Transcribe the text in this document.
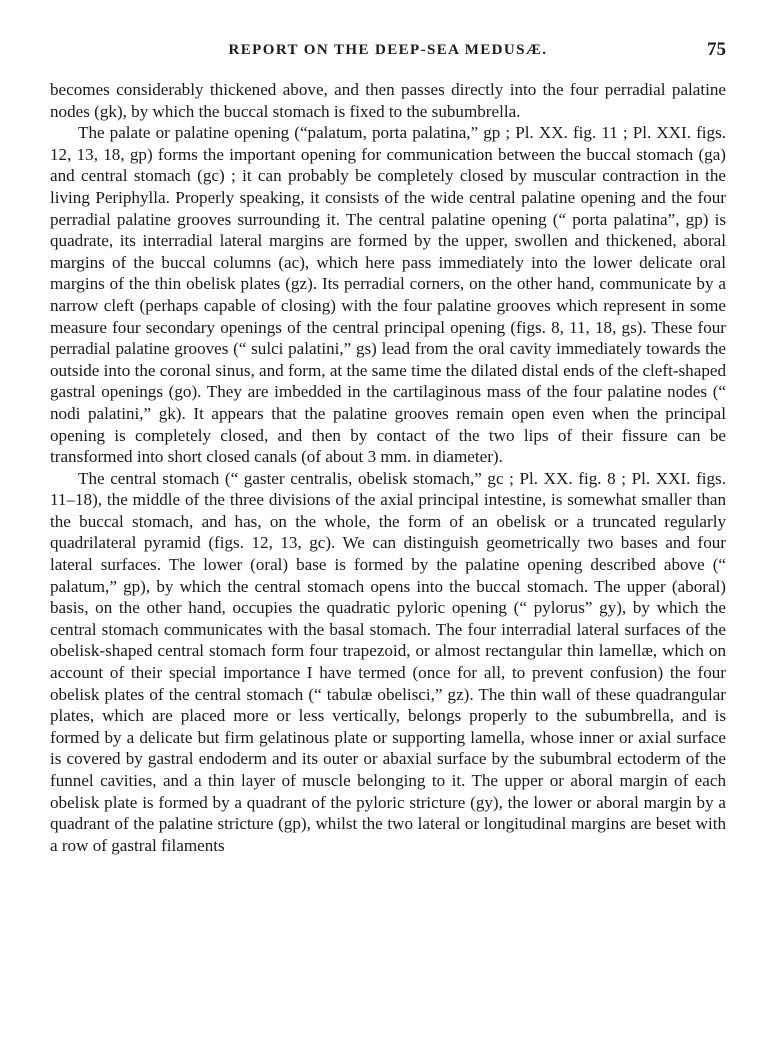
REPORT ON THE DEEP-SEA MEDUSÆ.	75

becomes considerably thickened above, and then passes directly into the four perradial palatine nodes (gk), by which the buccal stomach is fixed to the subumbrella.

The palate or palatine opening (“palatum, porta palatina,” gp ; Pl. XX. fig. 11 ; Pl. XXI. figs. 12, 13, 18, gp) forms the important opening for communication between the buccal stomach (ga) and central stomach (gc) ; it can probably be completely closed by muscular contraction in the living Periphylla. Properly speaking, it consists of the wide central palatine opening and the four perradial palatine grooves surrounding it. The central palatine opening (“ porta palatina”, gp) is quadrate, its interradial lateral margins are formed by the upper, swollen and thickened, aboral margins of the buccal columns (ac), which here pass immediately into the lower delicate oral margins of the thin obelisk plates (gz). Its perradial corners, on the other hand, communicate by a narrow cleft (perhaps capable of closing) with the four palatine grooves which represent in some measure four secondary openings of the central principal opening (figs. 8, 11, 18, gs). These four perradial palatine grooves (“ sulci palatini,” gs) lead from the oral cavity immediately towards the outside into the coronal sinus, and form, at the same time the dilated distal ends of the cleft-shaped gastral openings (go). They are imbedded in the cartilaginous mass of the four palatine nodes (“ nodi palatini,” gk). It appears that the palatine grooves remain open even when the principal opening is completely closed, and then by contact of the two lips of their fissure can be transformed into short closed canals (of about 3 mm. in diameter).

The central stomach (“ gaster centralis, obelisk stomach,” gc ; Pl. XX. fig. 8 ; Pl. XXI. figs. 11–18), the middle of the three divisions of the axial principal intestine, is somewhat smaller than the buccal stomach, and has, on the whole, the form of an obelisk or a truncated regularly quadrilateral pyramid (figs. 12, 13, gc). We can distinguish geometrically two bases and four lateral surfaces. The lower (oral) base is formed by the palatine opening described above (“ palatum,” gp), by which the central stomach opens into the buccal stomach. The upper (aboral) basis, on the other hand, occupies the quadratic pyloric opening (“ pylorus” gy), by which the central stomach communicates with the basal stomach. The four interradial lateral surfaces of the obelisk-shaped central stomach form four trapezoid, or almost rectangular thin lamellæ, which on account of their special importance I have termed (once for all, to prevent confusion) the four obelisk plates of the central stomach (“ tabulæ obelisci,” gz). The thin wall of these quadrangular plates, which are placed more or less vertically, belongs properly to the subumbrella, and is formed by a delicate but firm gelatinous plate or supporting lamella, whose inner or axial surface is covered by gastral endoderm and its outer or abaxial surface by the subumbral ectoderm of the funnel cavities, and a thin layer of muscle belonging to it. The upper or aboral margin of each obelisk plate is formed by a quadrant of the pyloric stricture (gy), the lower or aboral margin by a quadrant of the palatine stricture (gp), whilst the two lateral or longitudinal margins are beset with a row of gastral filaments
